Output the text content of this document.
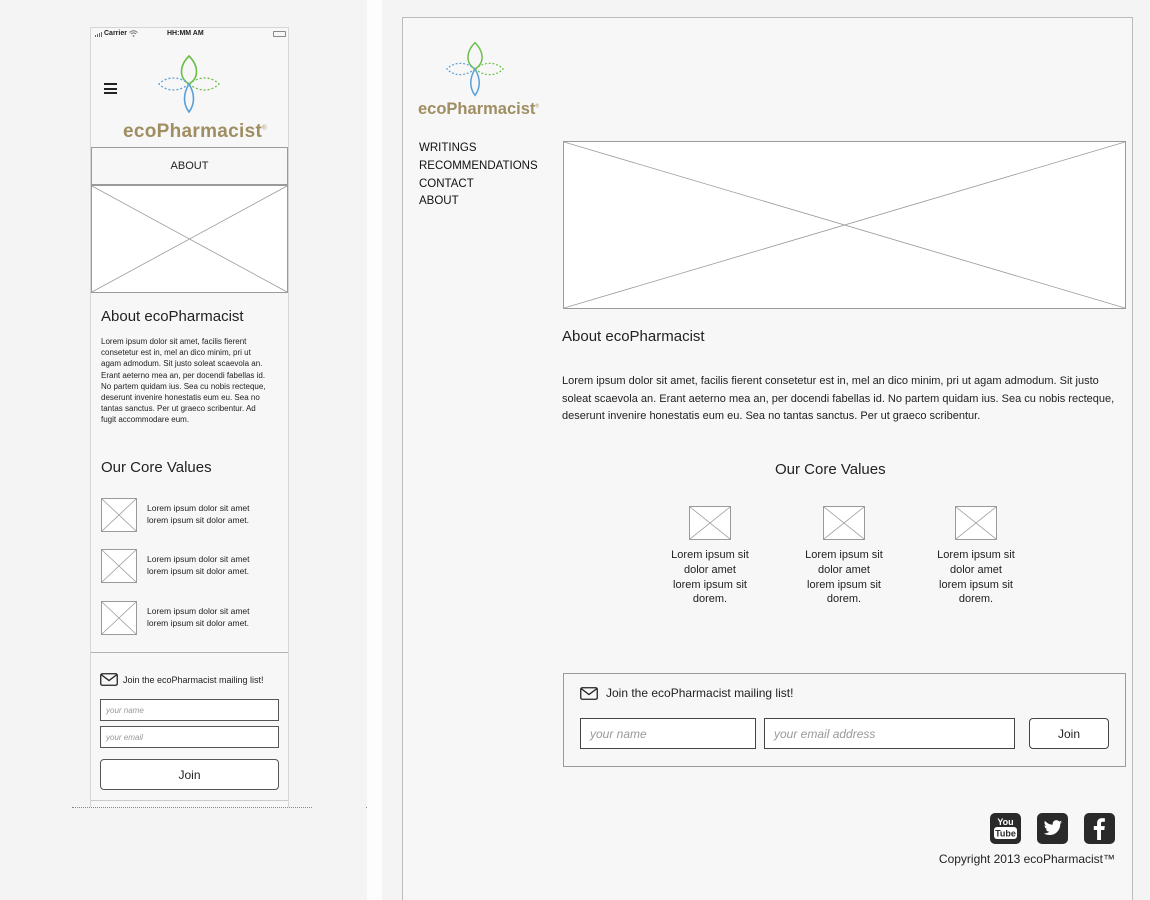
Carrier	HH:MM AM
ecoPharmacist®
ABOUT
About ecoPharmacist
Lorem ipsum dolor sit amet, facilis fierent consetetur est in, mel an dico minim, pri ut agam admodum. Sit justo soleat scaevola an. Erant aeterno mea an, per docendi fabellas id. No partem quidam ius. Sea cu nobis recteque, deserunt invenire honestatis eum eu. Sea no tantas sanctus. Per ut graeco scribentur. Ad fugit accommodare eum.
Our Core Values
Lorem ipsum dolor sit amet
lorem ipsum sit dolor amet.
Lorem ipsum dolor sit amet
lorem ipsum sit dolor amet.
Lorem ipsum dolor sit amet
lorem ipsum sit dolor amet.
Join the ecoPharmacist mailing list!
your name
your email
Join
ecoPharmacist®
WRITINGS
RECOMMENDATIONS
CONTACT
ABOUT
About ecoPharmacist
Lorem ipsum dolor sit amet, facilis fierent consetetur est in, mel an dico minim, pri ut agam admodum. Sit justo soleat scaevola an. Erant aeterno mea an, per docendi fabellas id. No partem quidam ius. Sea cu nobis recteque, deserunt invenire honestatis eum eu. Sea no tantas sanctus. Per ut graeco scribentur.
Our Core Values
Lorem ipsum sit dolor amet lorem ipsum sit dorem.
Lorem ipsum sit dolor amet lorem ipsum sit dorem.
Lorem ipsum sit dolor amet lorem ipsum sit dorem.
Join the ecoPharmacist mailing list!
your name	your email address	Join
You
Tube
Copyright 2013 ecoPharmacist™
